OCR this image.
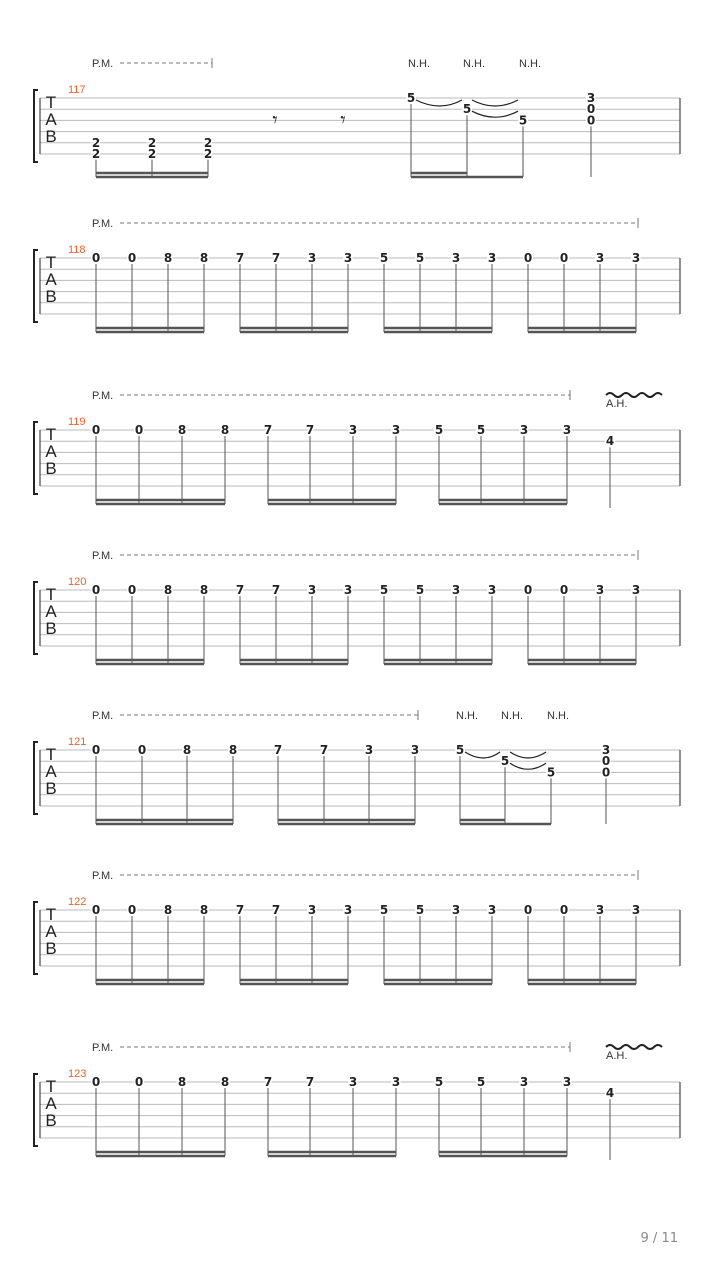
T
A
B
117
P.M.	N.H.	N.H.	N.H.
2
2
2
2
2
2
𝄾	𝄾
5
5
5
3
0
0
T
A
B
118
P.M.
0 0 8 8 7 7 3 3 5 5 3 3 0 0 3 3
T
A
B
120
P.M.
0 0 8 8 7 7 3 3 5 5 3 3 0 0 3 3
T
A
B
122
P.M.
0 0 8 8 7 7 3 3 5 5 3 3 0 0 3 3
T
A
B
119
P.M.
A.H.
0	0	8	8	7	7	3	3	5	5	3	3
4
T
A
B
123
P.M.
A.H.
0	0	8	8	7	7	3	3	5	5	3	3
4
T
A
B
121
P.M.	N.H. N.H. N.H.
0	0	8	8	7	7	3	3	5
5
5
3
0
0
9 / 11
